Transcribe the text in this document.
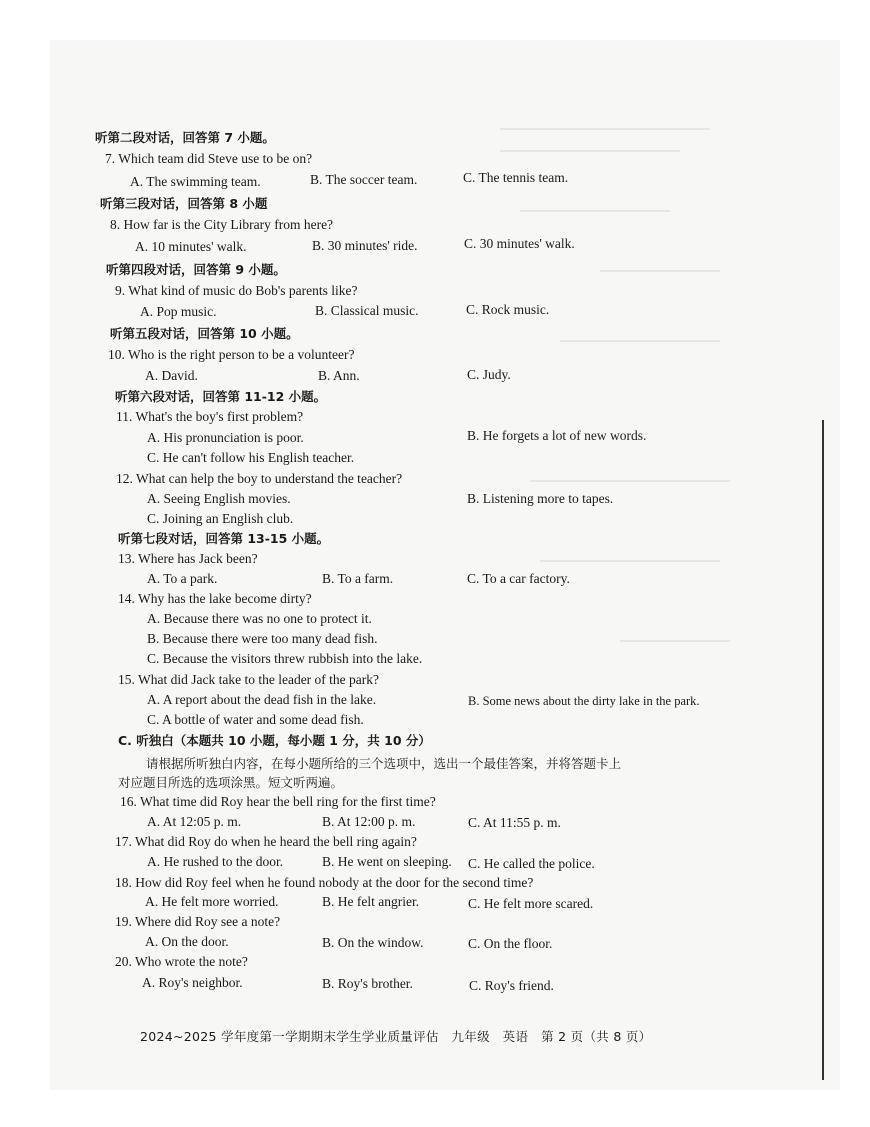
听第二段对话，回答第 7 小题。
7. Which team did Steve use to be on?
A. The swimming team.	B. The soccer team.	C. The tennis team.
听第三段对话，回答第 8 小题
8. How far is the City Library from here?
A. 10 minutes' walk.	B. 30 minutes' ride.	C. 30 minutes' walk.
听第四段对话，回答第 9 小题。
9. What kind of music do Bob's parents like?
A. Pop music.	B. Classical music.	C. Rock music.
听第五段对话，回答第 10 小题。
10. Who is the right person to be a volunteer?
A. David.	B. Ann.	C. Judy.
听第六段对话，回答第 11-12 小题。
11. What's the boy's first problem?
A. His pronunciation is poor.	B. He forgets a lot of new words.
C. He can't follow his English teacher.
12. What can help the boy to understand the teacher?
A. Seeing English movies.	B. Listening more to tapes.
C. Joining an English club.
听第七段对话，回答第 13-15 小题。
13. Where has Jack been?
A. To a park.	B. To a farm.	C. To a car factory.
14. Why has the lake become dirty?
A. Because there was no one to protect it.
B. Because there were too many dead fish.
C. Because the visitors threw rubbish into the lake.
15. What did Jack take to the leader of the park?
A. A report about the dead fish in the lake.	B. Some news about the dirty lake in the park.
C. A bottle of water and some dead fish.
C. 听独白（本题共 10 小题，每小题 1 分，共 10 分）
请根据所听独白内容，在每小题所给的三个选项中，选出一个最佳答案，并将答题卡上
对应题目所选的选项涂黑。短文听两遍。
16. What time did Roy hear the bell ring for the first time?
A. At 12:05 p. m.	B. At 12:00 p. m.	C. At 11:55 p. m.
17. What did Roy do when he heard the bell ring again?
A. He rushed to the door.	B. He went on sleeping. C. He called the police.
18. How did Roy feel when he found nobody at the door for the second time?
A. He felt more worried.	B. He felt angrier.	C. He felt more scared.
19. Where did Roy see a note?
A. On the door.	B. On the window.	C. On the floor.
20. Who wrote the note?
A. Roy's neighbor.	B. Roy's brother.	C. Roy's friend.
2024~2025 学年度第一学期期末学生学业质量评估　九年级　英语　第 2 页（共 8 页）
